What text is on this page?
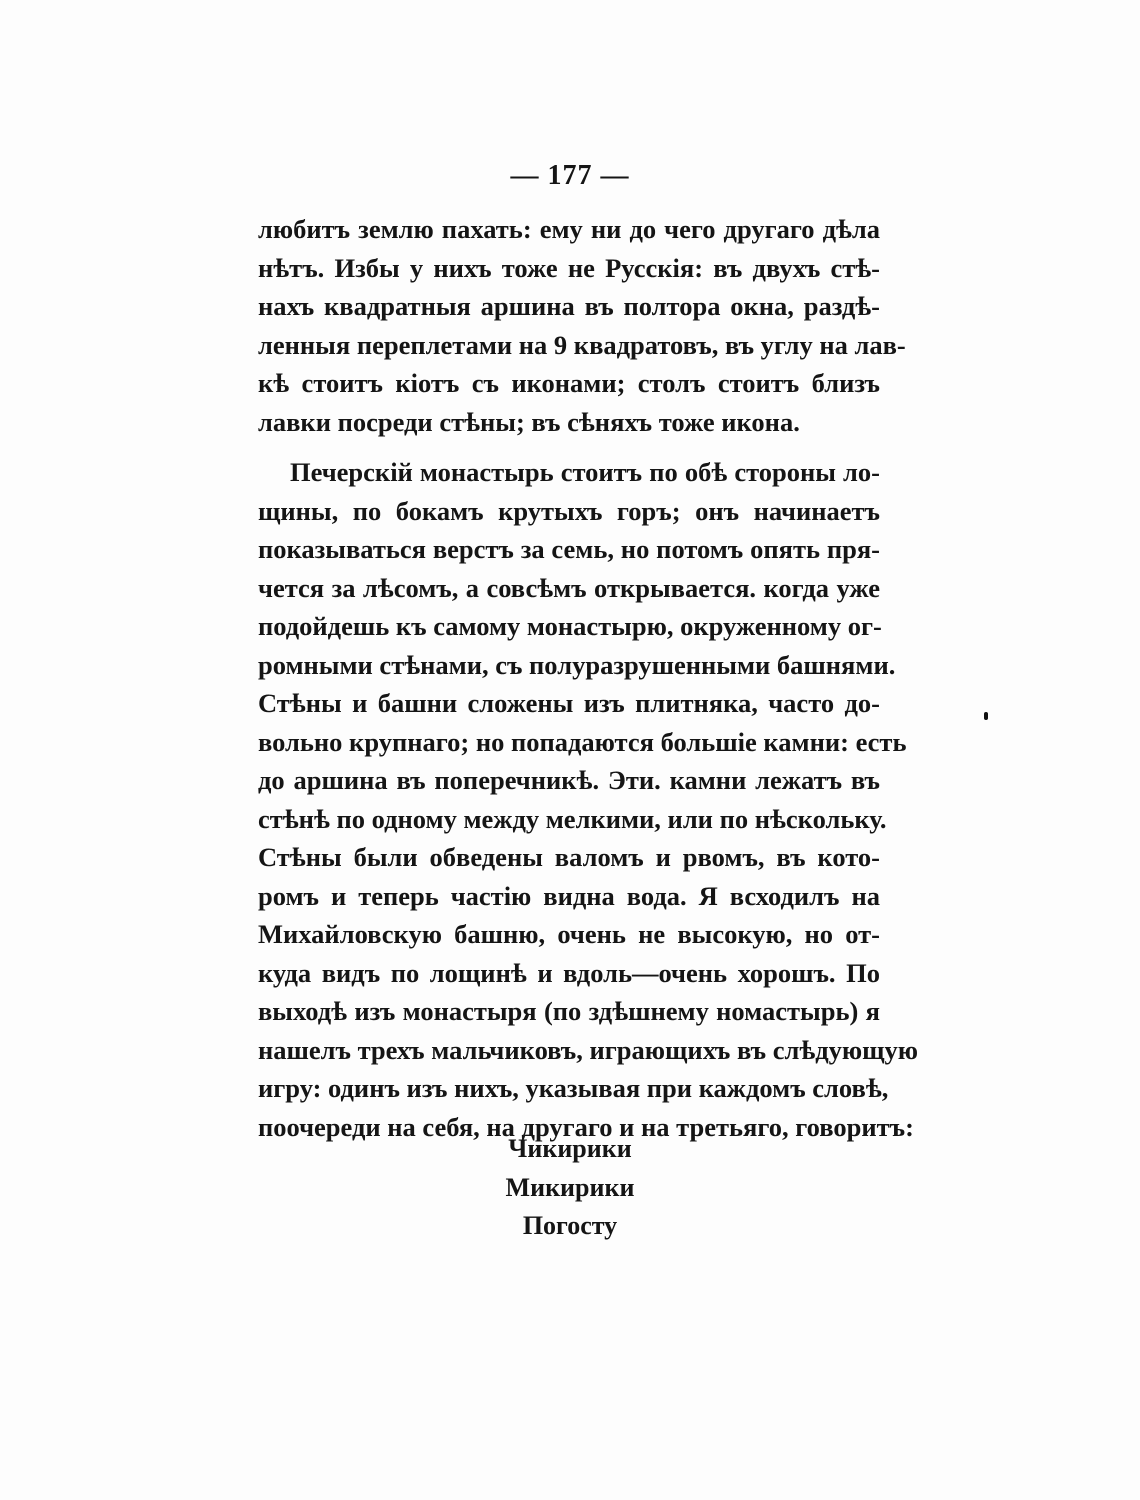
— 177 —
любитъ землю пахать: ему ни до чего другаго дѣла
нѣтъ. Избы у нихъ тоже не Русскія: въ двухъ стѣ-
нахъ квадратныя аршина въ полтора окна, раздѣ-
ленныя переплетами на 9 квадратовъ, въ углу на лав-
кѣ стоитъ кіотъ съ иконами; столъ стоитъ близъ
лавки посреди стѣны; въ сѣняхъ тоже икона.
Печерскій монастырь стоитъ по обѣ стороны ло-
щины, по бокамъ крутыхъ горъ; онъ начинаетъ
показываться верстъ за семь, но потомъ опять пря-
чется за лѣсомъ, а совсѣмъ открывается. когда уже
подойдешь къ самому монастырю, окруженному ог-
ромными стѣнами, съ полуразрушенными башнями.
Стѣны и башни сложены изъ плитняка, часто до-
вольно крупнаго; но попадаются большіе камни: есть
до аршина въ поперечникѣ. Эти. камни лежатъ въ
стѣнѣ по одному между мелкими, или по нѣскольку.
Стѣны были обведены валомъ и рвомъ, въ кото-
ромъ и теперь частію видна вода. Я всходилъ на
Михайловскую башню, очень не высокую, но от-
куда видъ по лощинѣ и вдоль—очень хорошъ. По
выходѣ изъ монастыря (по здѣшнему номастырь) я
нашелъ трехъ мальчиковъ, играющихъ въ слѣдующую
игру: одинъ изъ нихъ, указывая при каждомъ словѣ,
поочереди на себя, на другаго и на третьяго, говоритъ:
Чикирики
Микирики
Погосту
